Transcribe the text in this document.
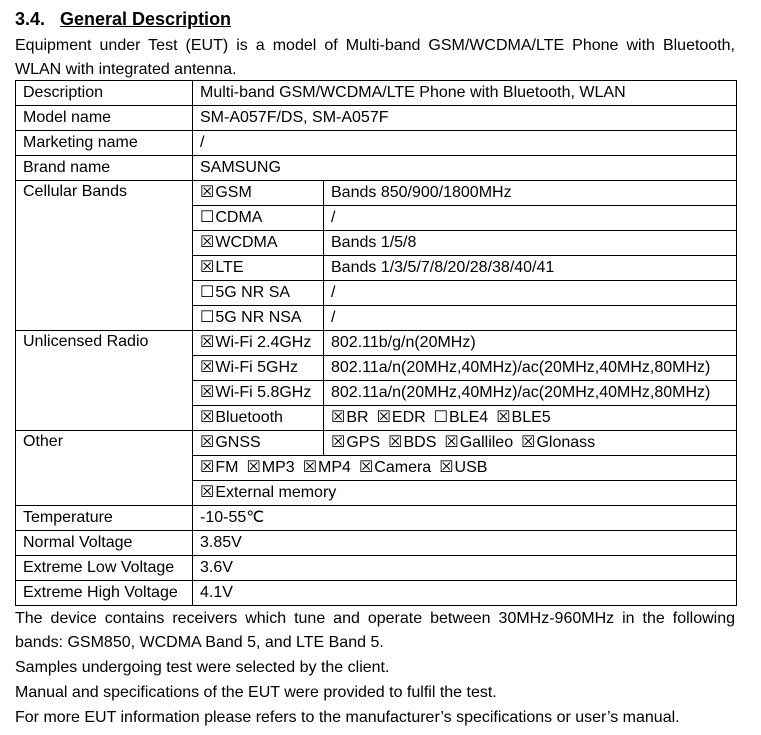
3.4. General Description
Equipment under Test (EUT) is a model of Multi-band GSM/WCDMA/LTE Phone with Bluetooth,
WLAN with integrated antenna.
Description	Multi-band GSM/WCDMA/LTE Phone with Bluetooth, WLAN	
Model name	SM-A057F/DS, SM-A057F	
Marketing name	/	
Brand name	SAMSUNG	
Cellular Bands	☒GSM	Bands 850/900/1800MHz
	☐CDMA	/
	☒WCDMA	Bands 1/5/8
	☒LTE	Bands 1/3/5/7/8/20/28/38/40/41
	☐5G NR SA	/
	☐5G NR NSA	/
Unlicensed Radio	☒Wi-Fi 2.4GHz	802.11b/g/n(20MHz)
	☒Wi-Fi 5GHz	802.11a/n(20MHz,40MHz)/ac(20MHz,40MHz,80MHz)
	☒Wi-Fi 5.8GHz	802.11a/n(20MHz,40MHz)/ac(20MHz,40MHz,80MHz)
	☒Bluetooth	☒BR ☒EDR ☐BLE4 ☒BLE5
Other	☒GNSS	☒GPS ☒BDS ☒Gallileo ☒Glonass
	☒FM ☒MP3 ☒MP4 ☒Camera ☒USB	
	☒External memory	
Temperature	-10-55℃	
Normal Voltage	3.85V	
Extreme Low Voltage	3.6V	
Extreme High Voltage	4.1V	
The device contains receivers which tune and operate between 30MHz-960MHz in the following
bands: GSM850, WCDMA Band 5, and LTE Band 5.
Samples undergoing test were selected by the client.
Manual and specifications of the EUT were provided to fulfil the test.
For more EUT information please refers to the manufacturer’s specifications or user’s manual.
